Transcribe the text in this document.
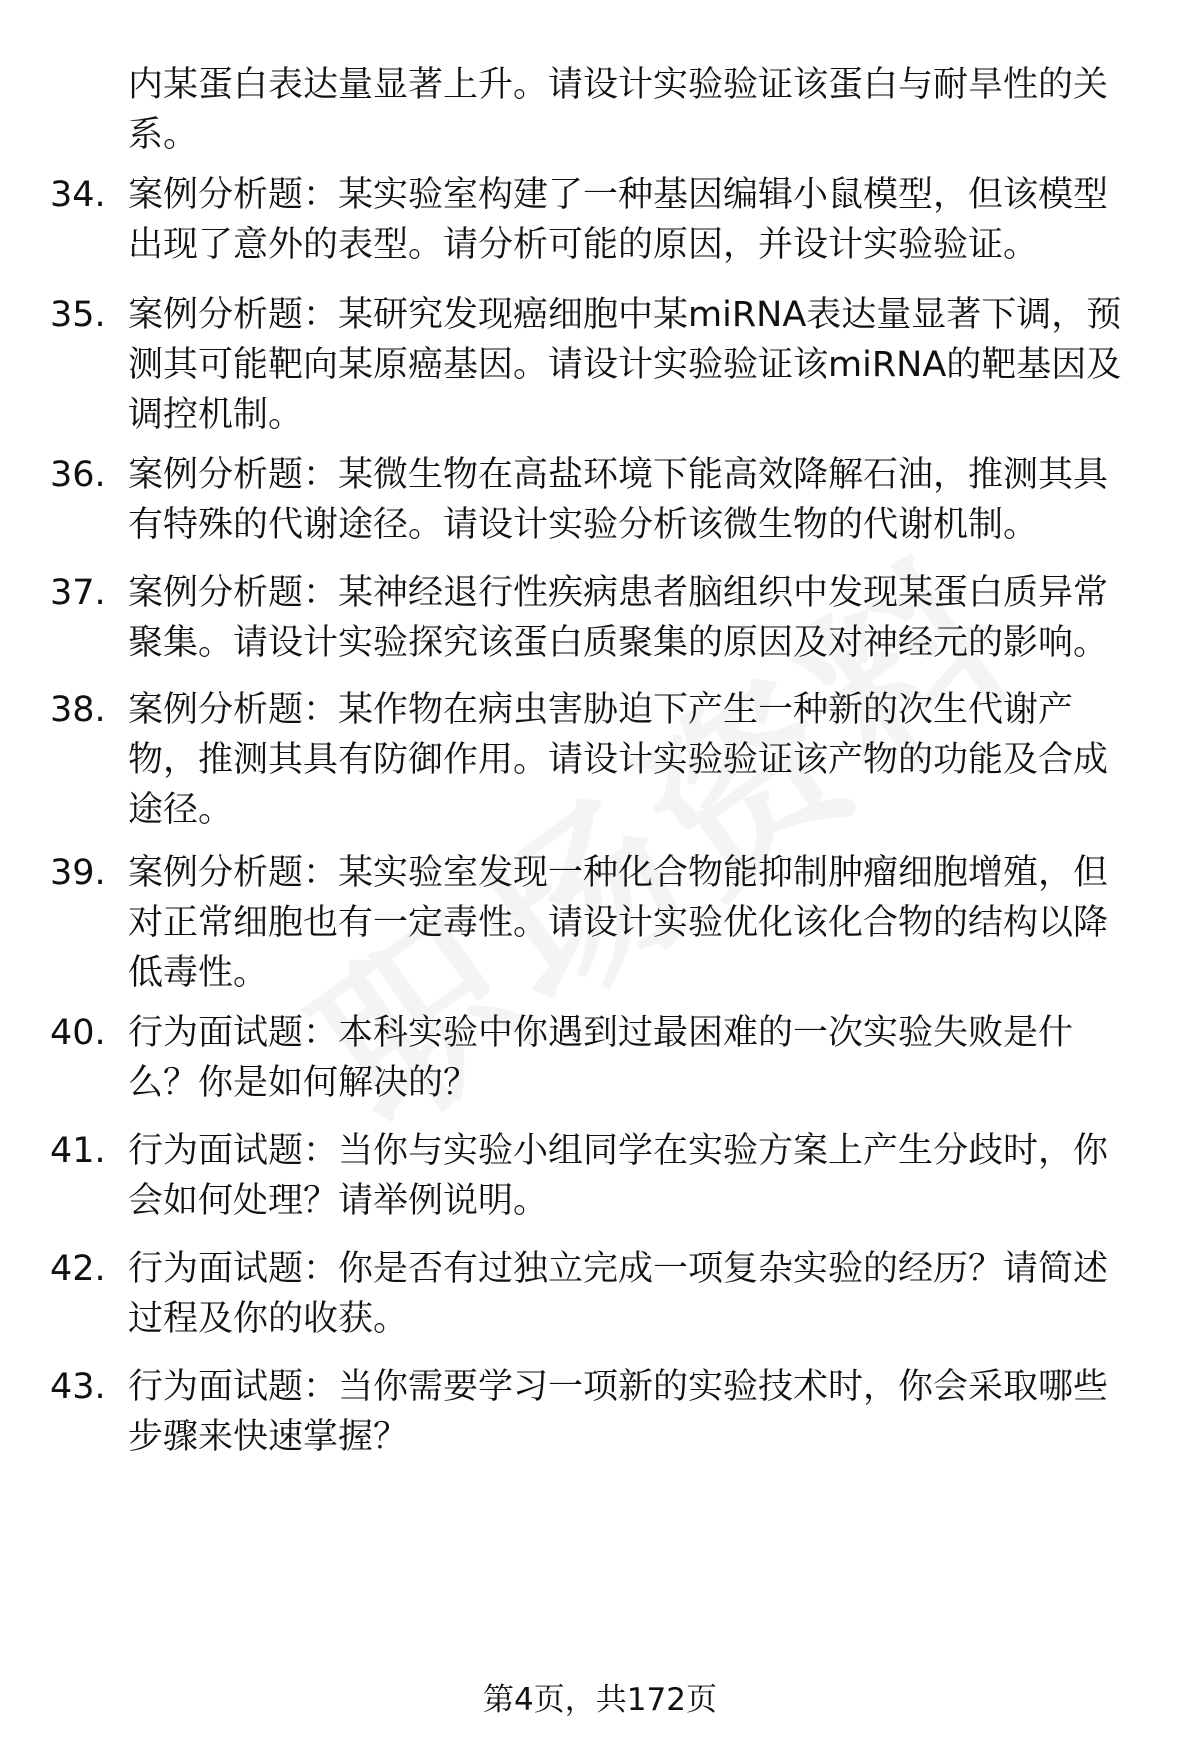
内某蛋白表达量显著上升。请设计实验验证该蛋白与耐旱性的关系。
34. 案例分析题：某实验室构建了一种基因编辑小鼠模型，但该模型出现了意外的表型。请分析可能的原因，并设计实验验证。
35. 案例分析题：某研究发现癌细胞中某miRNA表达量显著下调，预测其可能靶向某原癌基因。请设计实验验证该miRNA的靶基因及调控机制。
36. 案例分析题：某微生物在高盐环境下能高效降解石油，推测其具有特殊的代谢途径。请设计实验分析该微生物的代谢机制。
37. 案例分析题：某神经退行性疾病患者脑组织中发现某蛋白质异常聚集。请设计实验探究该蛋白质聚集的原因及对神经元的影响。
38. 案例分析题：某作物在病虫害胁迫下产生一种新的次生代谢产物，推测其具有防御作用。请设计实验验证该产物的功能及合成途径。
39. 案例分析题：某实验室发现一种化合物能抑制肿瘤细胞增殖，但对正常细胞也有一定毒性。请设计实验优化该化合物的结构以降低毒性。
40. 行为面试题：本科实验中你遇到过最困难的一次实验失败是什么？你是如何解决的？
41. 行为面试题：当你与实验小组同学在实验方案上产生分歧时，你会如何处理？请举例说明。
42. 行为面试题：你是否有过独立完成一项复杂实验的经历？请简述过程及你的收获。
43. 行为面试题：当你需要学习一项新的实验技术时，你会采取哪些步骤来快速掌握？
第4页，共172页
